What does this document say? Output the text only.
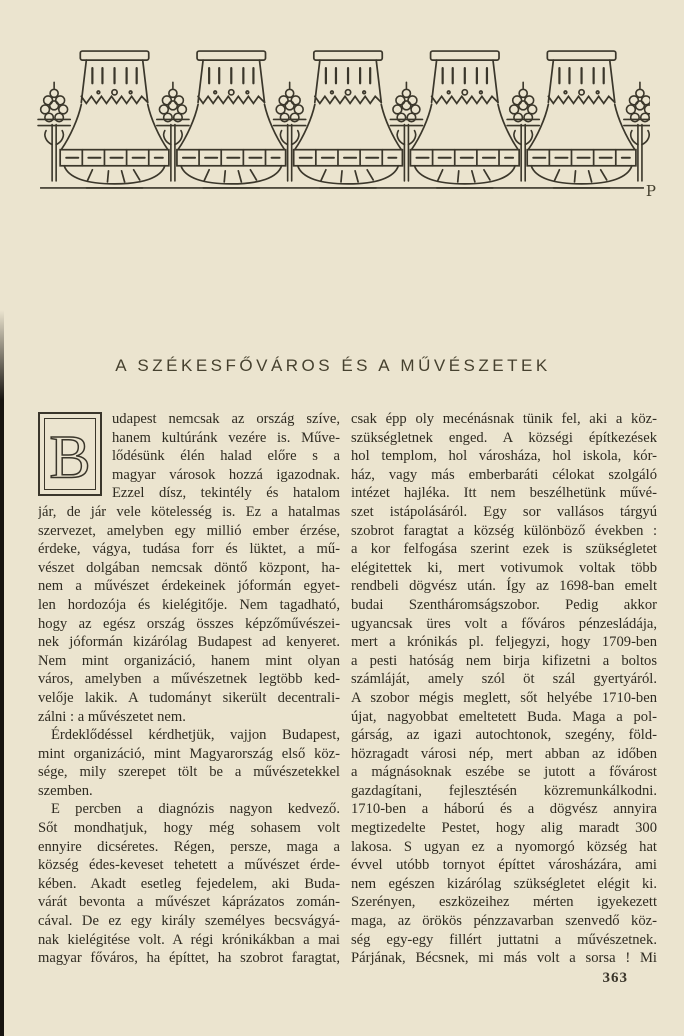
P
A SZÉKESFŐVÁROS ÉS A MŰVÉSZETEK
B
udapest nemcsak az ország szíve,
hanem kultúránk vezére is. Műve-
lődésünk élén halad előre s a
magyar városok hozzá igazodnak.
Ezzel dísz, tekintély és hatalom
jár, de jár vele kötelesség is. Ez a hatalmas
szervezet, amelyben egy millió ember érzése,
érdeke, vágya, tudása forr és lüktet, a mű-
vészet dolgában nemcsak döntő központ, ha-
nem a művészet érdekeinek jóformán egyet-
len hordozója és kielégitője. Nem tagadható,
hogy az egész ország összes képzőművészei-
nek jóformán kizárólag Budapest ad kenyeret.
Nem mint organizáció, hanem mint olyan
város, amelyben a művészetnek legtöbb ked-
velője lakik. A tudományt sikerült decentrali-
zálni : a művészetet nem.
Érdeklődéssel kérdhetjük, vajjon Budapest,
mint organizáció, mint Magyarország első köz-
sége, mily szerepet tölt be a művészetekkel
szemben.
E percben a diagnózis nagyon kedvező.
Sőt mondhatjuk, hogy még sohasem volt
ennyire dicséretes. Régen, persze, maga a
község édes-keveset tehetett a művészet érde-
kében. Akadt esetleg fejedelem, aki Buda-
várát bevonta a művészet káprázatos zomán-
cával. De ez egy király személyes becsvágyá-
nak kielégitése volt. A régi krónikákban a mai
magyar főváros, ha építtet, ha szobrot faragtat,
csak épp oly mecénásnak tünik fel, aki a köz-
szükségletnek enged. A községi építkezések
hol templom, hol városháza, hol iskola, kór-
ház, vagy más emberbaráti célokat szolgáló
intézet hajléka. Itt nem beszélhetünk művé-
szet istápolásáról. Egy sor vallásos tárgyú
szobrot faragtat a község különböző években :
a kor felfogása szerint ezek is szükségletet
elégitettek ki, mert votivumok voltak több
rendbeli dögvész után. Így az 1698-ban emelt
budai Szentháromságszobor. Pedig akkor
ugyancsak üres volt a főváros pénzesládája,
mert a krónikás pl. feljegyzi, hogy 1709-ben
a pesti hatóság nem birja kifizetni a boltos
számláját, amely szól öt szál gyertyáról.
A szobor mégis meglett, sőt helyébe 1710-ben
újat, nagyobbat emeltetett Buda. Maga a pol-
gárság, az igazi autochtonok, szegény, föld-
hözragadt városi nép, mert abban az időben
a mágnásoknak eszébe se jutott a fővárost
gazdagítani, fejlesztésén közremunkálkodni.
1710-ben a háború és a dögvész annyira
megtizedelte Pestet, hogy alig maradt 300
lakosa. S ugyan ez a nyomorgó község hat
évvel utóbb tornyot építtet városházára, ami
nem egészen kizárólag szükségletet elégit ki.
Szerényen, eszközeihez mérten igyekezett
maga, az örökös pénzzavarban szenvedő köz-
ség egy-egy fillért juttatni a művészetnek.
Párjának, Bécsnek, mi más volt a sorsa ! Mi
363
